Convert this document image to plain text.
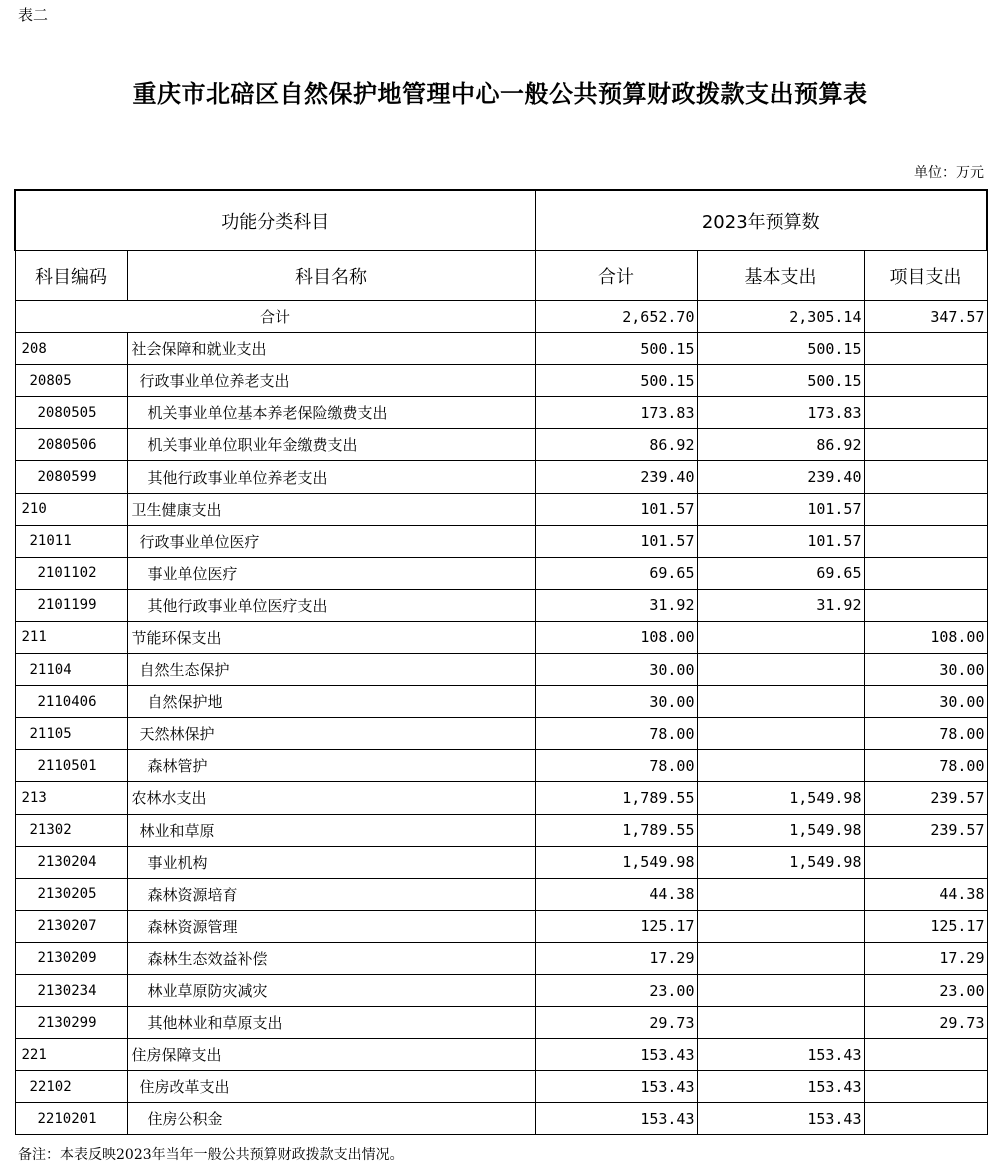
表二
重庆市北碚区自然保护地管理中心一般公共预算财政拨款支出预算表
单位：万元
功能分类科目		2023年预算数		
科目编码	科目名称	合计	基本支出	项目支出
合计		2,652.70	2,305.14	347.57
208	社会保障和就业支出	500.15	500.15	
20805	行政事业单位养老支出	500.15	500.15	
2080505	机关事业单位基本养老保险缴费支出	173.83	173.83	
2080506	机关事业单位职业年金缴费支出	86.92	86.92	
2080599	其他行政事业单位养老支出	239.40	239.40	
210	卫生健康支出	101.57	101.57	
21011	行政事业单位医疗	101.57	101.57	
2101102	事业单位医疗	69.65	69.65	
2101199	其他行政事业单位医疗支出	31.92	31.92	
211	节能环保支出	108.00		108.00
21104	自然生态保护	30.00		30.00
2110406	自然保护地	30.00		30.00
21105	天然林保护	78.00		78.00
2110501	森林管护	78.00		78.00
213	农林水支出	1,789.55	1,549.98	239.57
21302	林业和草原	1,789.55	1,549.98	239.57
2130204	事业机构	1,549.98	1,549.98	
2130205	森林资源培育	44.38		44.38
2130207	森林资源管理	125.17		125.17
2130209	森林生态效益补偿	17.29		17.29
2130234	林业草原防灾减灾	23.00		23.00
2130299	其他林业和草原支出	29.73		29.73
221	住房保障支出	153.43	153.43	
22102	住房改革支出	153.43	153.43	
2210201	住房公积金	153.43	153.43	
备注：本表反映2023年当年一般公共预算财政拨款支出情况。
